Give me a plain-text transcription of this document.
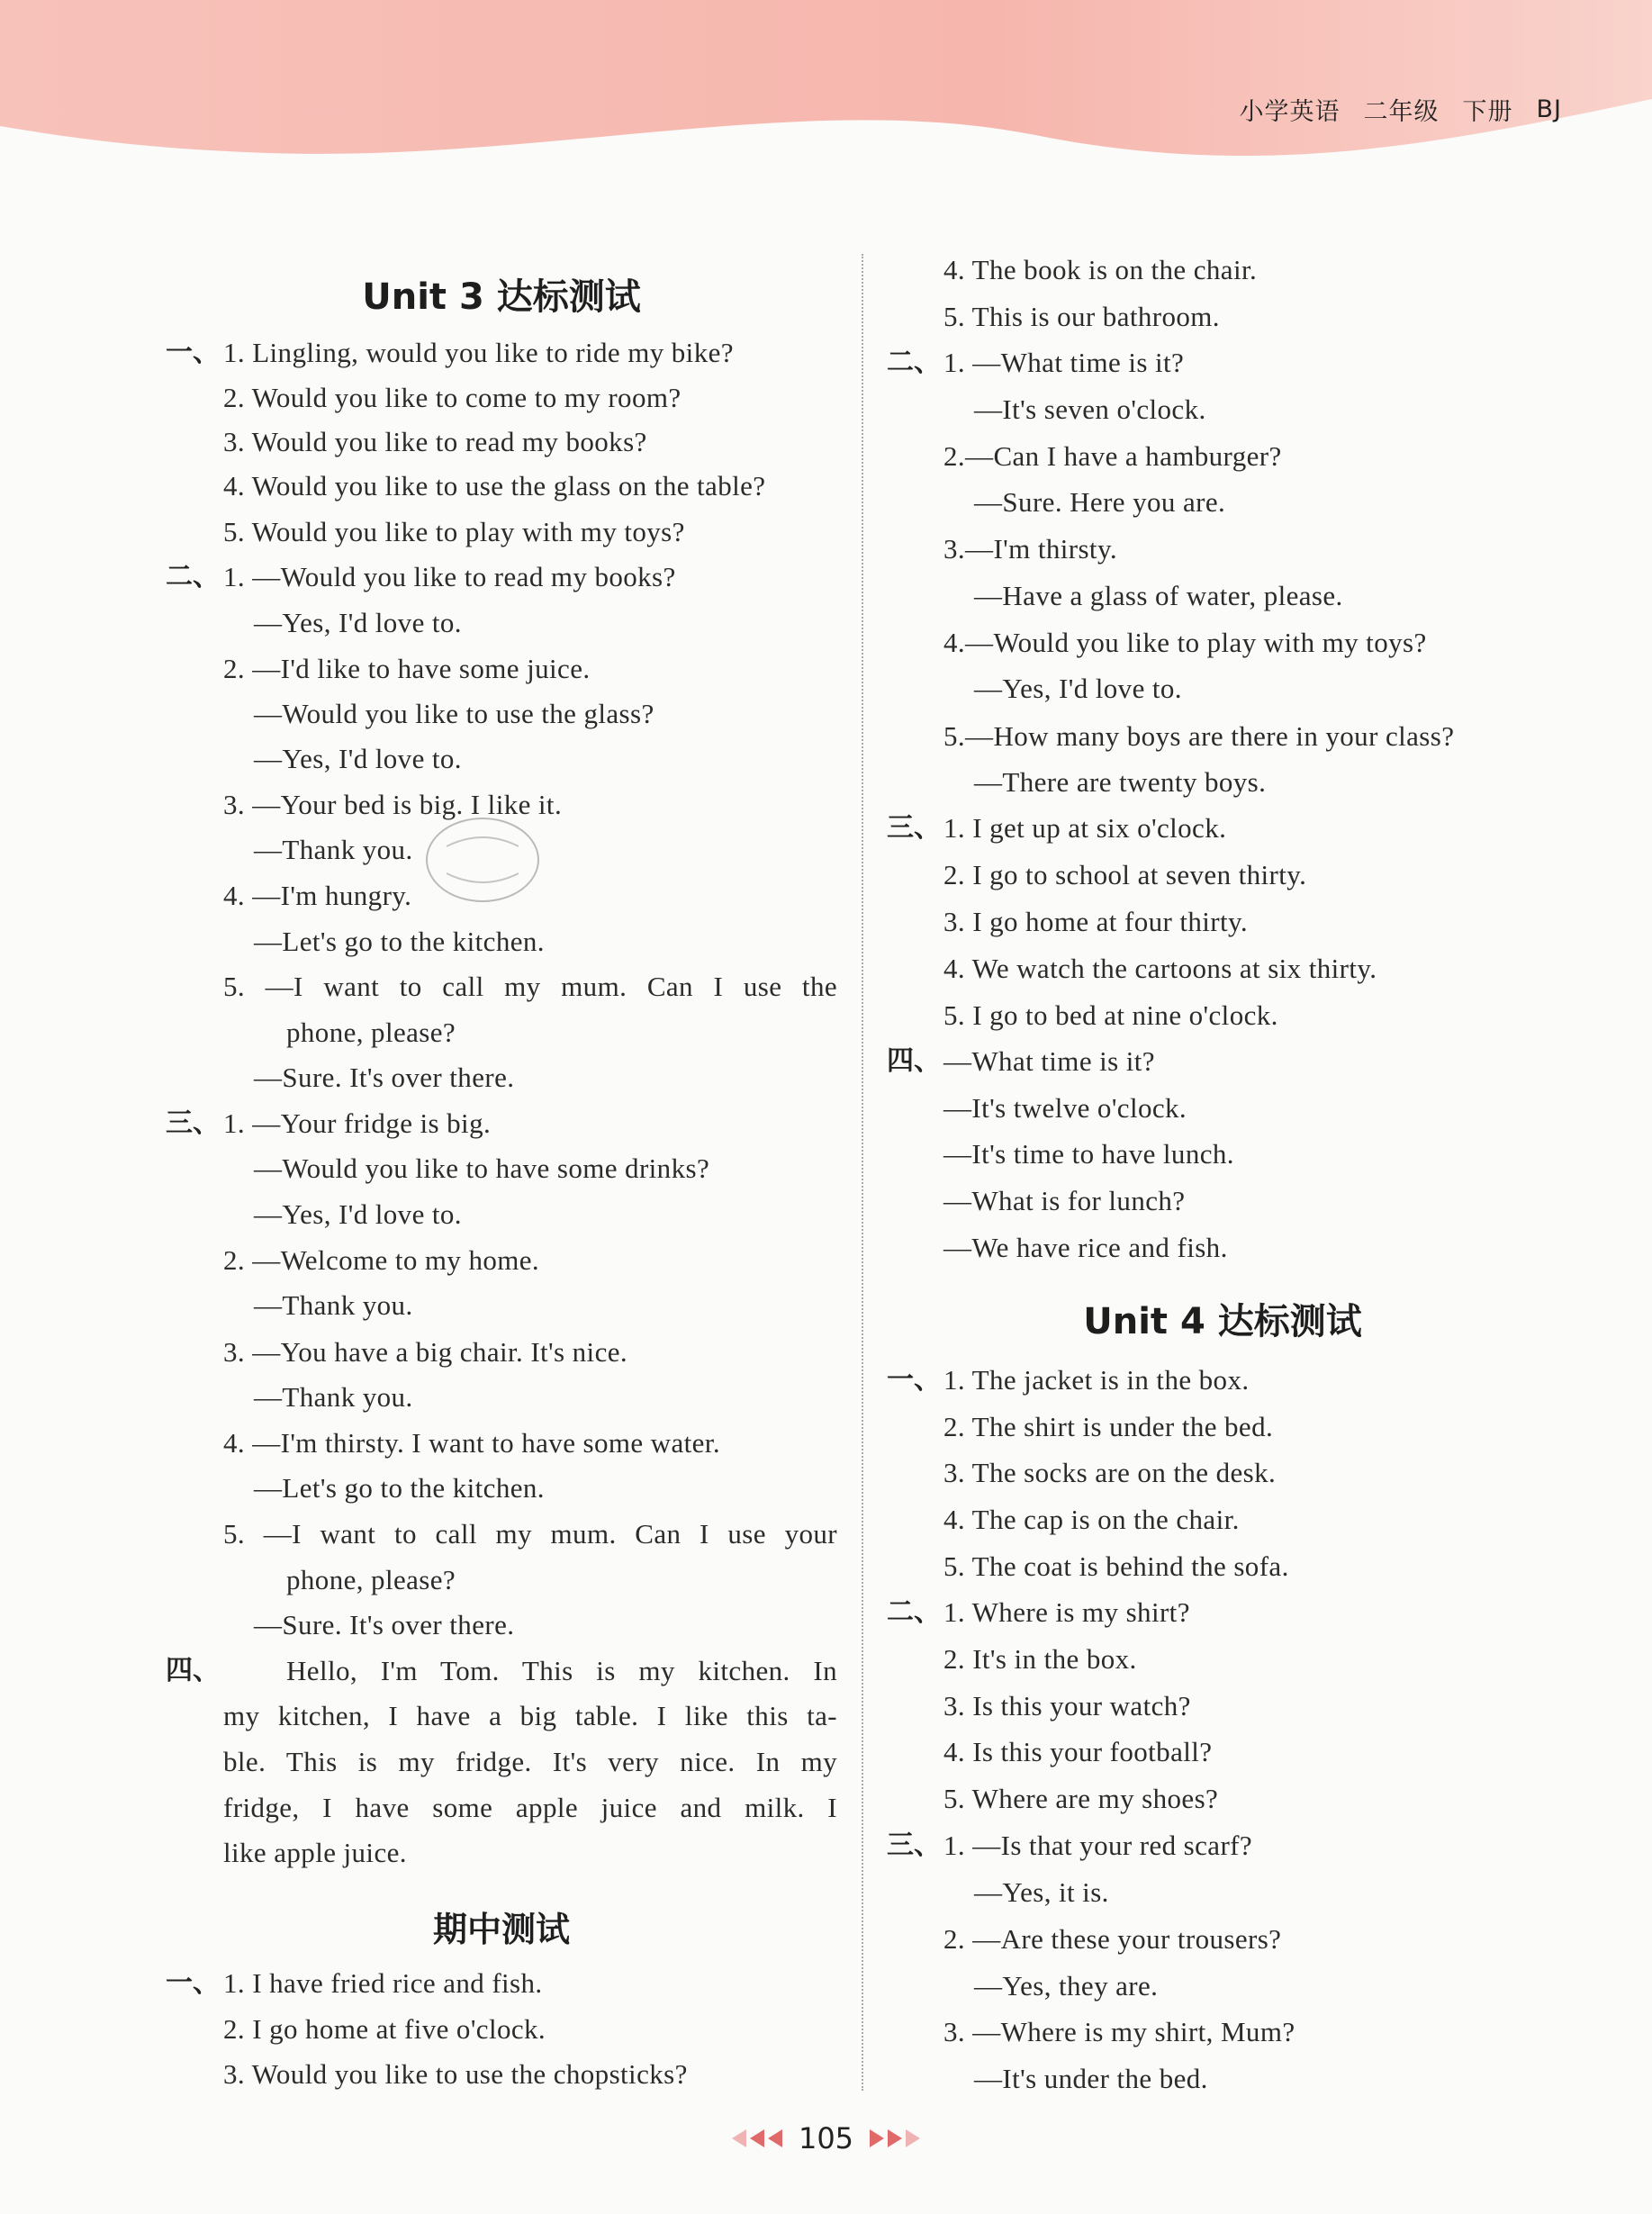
小学英语 二年级 下册 BJ
Unit 3 达标测试
一、 1. Lingling, would you like to ride my bike?
2. Would you like to come to my room?
3. Would you like to read my books?
4. Would you like to use the glass on the table?
5. Would you like to play with my toys?
二、 1. —Would you like to read my books?
—Yes, I'd love to.
2. —I'd like to have some juice.
—Would you like to use the glass?
—Yes, I'd love to.
3. —Your bed is big. I like it.
—Thank you.
4. —I'm hungry.
—Let's go to the kitchen.
5. —I want to call my mum. Can I use the
phone, please?
—Sure. It's over there.
三、 1. —Your fridge is big.
—Would you like to have some drinks?
—Yes, I'd love to.
2. —Welcome to my home.
—Thank you.
3. —You have a big chair. It's nice.
—Thank you.
4. —I'm thirsty. I want to have some water.
—Let's go to the kitchen.
5. —I want to call my mum. Can I use your
phone, please?
—Sure. It's over there.
四、 Hello, I'm Tom. This is my kitchen. In
my kitchen, I have a big table. I like this ta-
ble. This is my fridge. It's very nice. In my
fridge, I have some apple juice and milk. I
like apple juice.
期中测试
一、 1. I have fried rice and fish.
2. I go home at five o'clock.
3. Would you like to use the chopsticks?
4. The book is on the chair.
5. This is our bathroom.
二、 1. —What time is it?
—It's seven o'clock.
2.—Can I have a hamburger?
—Sure. Here you are.
3.—I'm thirsty.
—Have a glass of water, please.
4.—Would you like to play with my toys?
—Yes, I'd love to.
5.—How many boys are there in your class?
—There are twenty boys.
三、 1. I get up at six o'clock.
2. I go to school at seven thirty.
3. I go home at four thirty.
4. We watch the cartoons at six thirty.
5. I go to bed at nine o'clock.
四、 —What time is it?
—It's twelve o'clock.
—It's time to have lunch.
—What is for lunch?
—We have rice and fish.
Unit 4 达标测试
一、 1. The jacket is in the box.
2. The shirt is under the bed.
3. The socks are on the desk.
4. The cap is on the chair.
5. The coat is behind the sofa.
二、 1. Where is my shirt?
2. It's in the box.
3. Is this your watch?
4. Is this your football?
5. Where are my shoes?
三、 1. —Is that your red scarf?
—Yes, it is.
2. —Are these your trousers?
—Yes, they are.
3. —Where is my shirt, Mum?
—It's under the bed.
105
